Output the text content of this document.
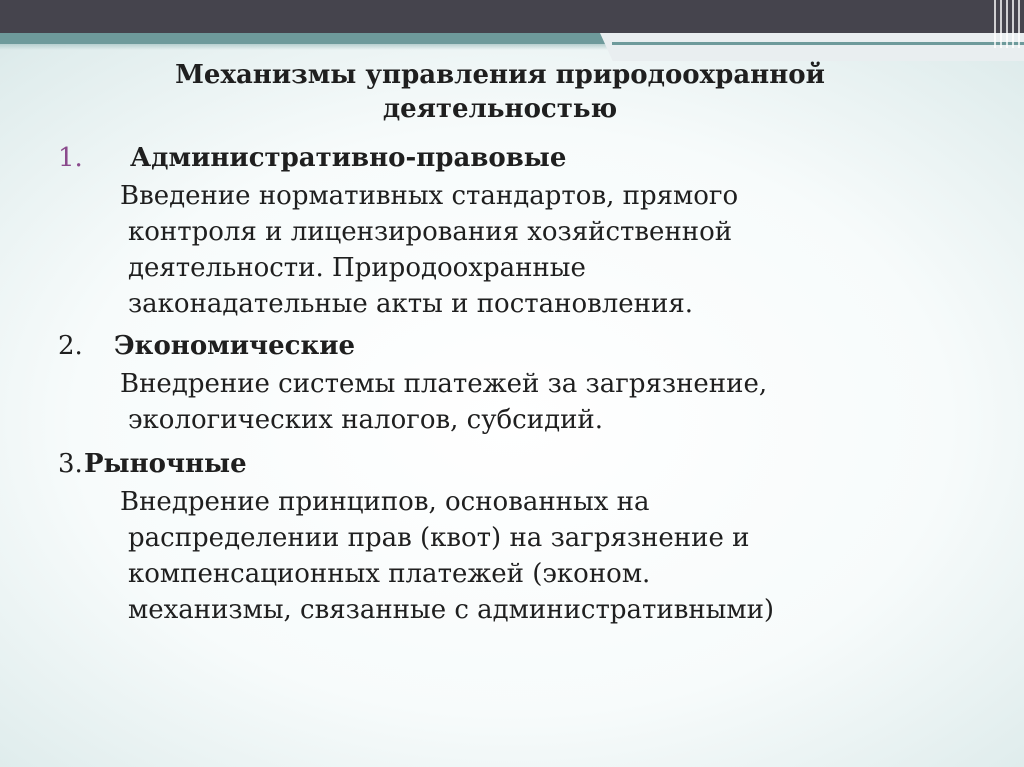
Механизмы управления природоохранной
деятельностью
1. Административно-правовые
Введение нормативных стандартов, прямого
контроля и лицензирования хозяйственной
деятельности. Природоохранные
законадательные акты и постановления.
2. Экономические
Внедрение системы платежей за загрязнение,
экологических налогов, субсидий.
3. Рыночные
Внедрение принципов, основанных на
распределении прав (квот) на загрязнение и
компенсационных платежей (эконом.
механизмы, связанные с административными)
